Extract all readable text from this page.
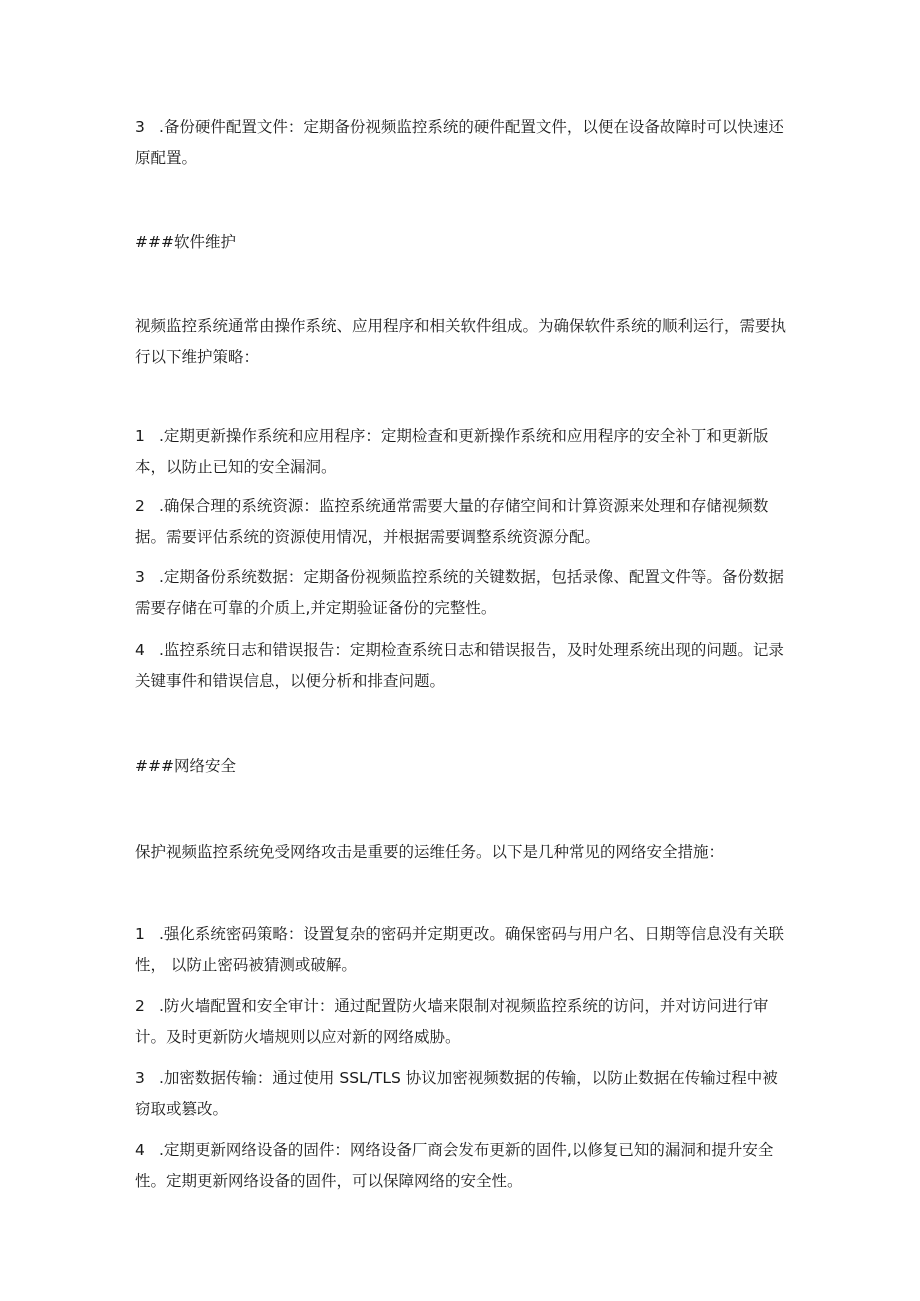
3 .备份硬件配置文件：定期备份视频监控系统的硬件配置文件，以便在设备故障时可以快速还原配置。

###软件维护

视频监控系统通常由操作系统、应用程序和相关软件组成。为确保软件系统的顺利运行，需要执行以下维护策略：

1 .定期更新操作系统和应用程序：定期检查和更新操作系统和应用程序的安全补丁和更新版本，以防止已知的安全漏洞。

2 .确保合理的系统资源：监控系统通常需要大量的存储空间和计算资源来处理和存储视频数据。需要评估系统的资源使用情况，并根据需要调整系统资源分配。

3 .定期备份系统数据：定期备份视频监控系统的关键数据，包括录像、配置文件等。备份数据需要存储在可靠的介质上,并定期验证备份的完整性。

4 .监控系统日志和错误报告：定期检查系统日志和错误报告，及时处理系统出现的问题。记录关键事件和错误信息，以便分析和排查问题。

###网络安全

保护视频监控系统免受网络攻击是重要的运维任务。以下是几种常见的网络安全措施：

1 .强化系统密码策略：设置复杂的密码并定期更改。确保密码与用户名、日期等信息没有关联性， 以防止密码被猜测或破解。

2 .防火墙配置和安全审计：通过配置防火墙来限制对视频监控系统的访问，并对访问进行审计。及时更新防火墙规则以应对新的网络威胁。

3 .加密数据传输：通过使用 SSL/TLS 协议加密视频数据的传输，以防止数据在传输过程中被窃取或篡改。

4 .定期更新网络设备的固件：网络设备厂商会发布更新的固件,以修复已知的漏洞和提升安全性。定期更新网络设备的固件，可以保障网络的安全性。
